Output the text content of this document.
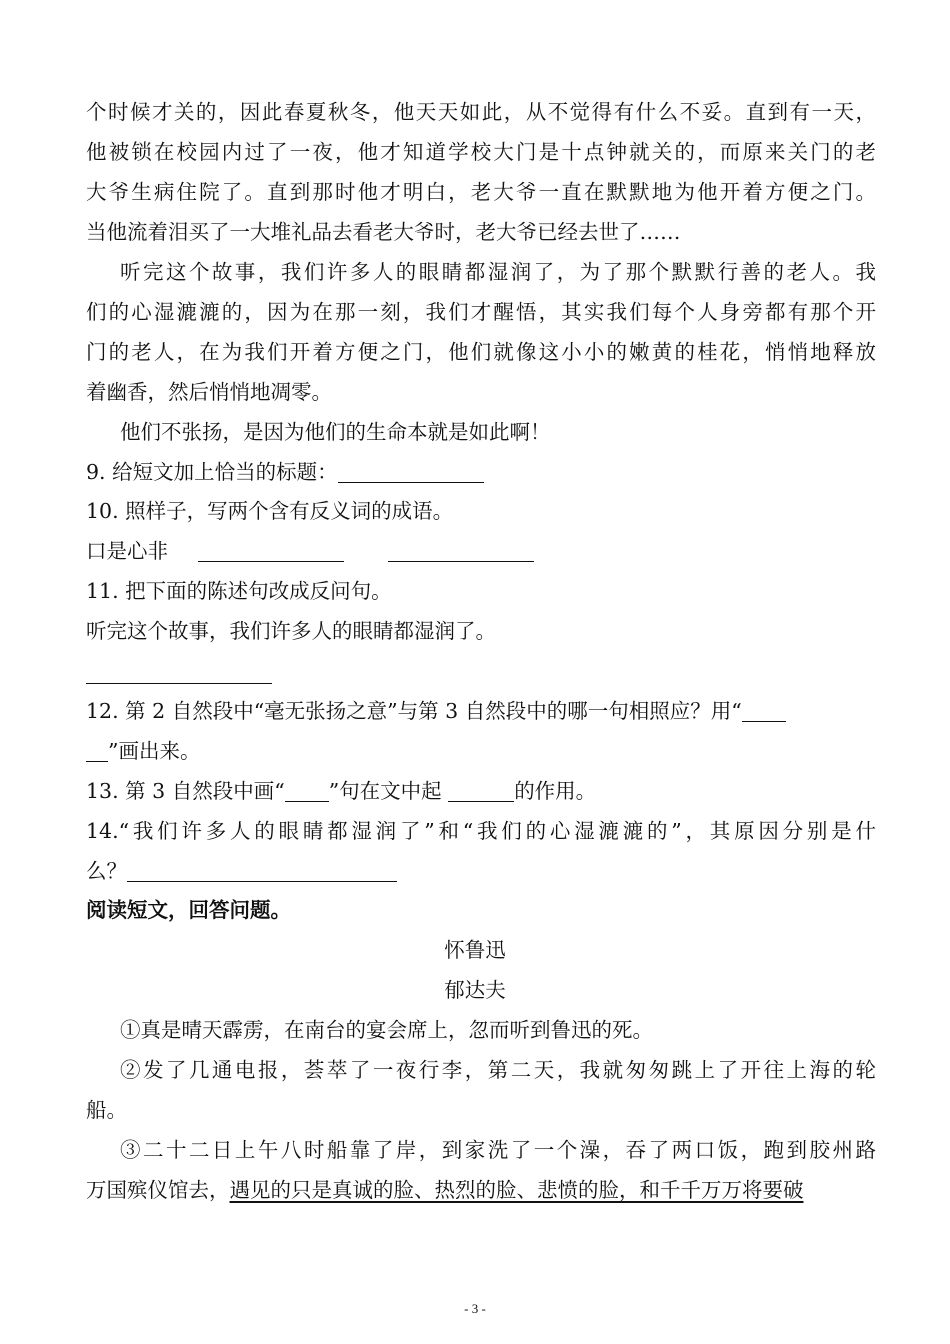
个时候才关的，因此春夏秋冬，他天天如此，从不觉得有什么不妥。直到有一天，
他被锁在校园内过了一夜，他才知道学校大门是十点钟就关的，而原来关门的老
大爷生病住院了。直到那时他才明白，老大爷一直在默默地为他开着方便之门。
当他流着泪买了一大堆礼品去看老大爷时，老大爷已经去世了……
听完这个故事，我们许多人的眼睛都湿润了，为了那个默默行善的老人。我
们的心湿漉漉的，因为在那一刻，我们才醒悟，其实我们每个人身旁都有那个开
门的老人，在为我们开着方便之门，他们就像这小小的嫩黄的桂花，悄悄地释放
着幽香，然后悄悄地凋零。
他们不张扬，是因为他们的生命本就是如此啊！
9. 给短文加上恰当的标题：
10. 照样子，写两个含有反义词的成语。
口是心非
11. 把下面的陈述句改成反问句。
听完这个故事，我们许多人的眼睛都湿润了。
12. 第 2 自然段中“毫无张扬之意”与第 3 自然段中的哪一句相照应？用“
”画出来。
13. 第 3 自然段中画“ ”句在文中起	的作用。
14.“我们许多人的眼睛都湿润了”和“我们的心湿漉漉的”，其原因分别是什
么？
阅读短文，回答问题。
怀鲁迅
郁达夫
①真是晴天霹雳，在南台的宴会席上，忽而听到鲁迅的死。
②发了几通电报，荟萃了一夜行李，第二天，我就匆匆跳上了开往上海的轮
船。
③二十二日上午八时船靠了岸，到家洗了一个澡，吞了两口饭，跑到胶州路
万国殡仪馆去，遇见的只是真诚的脸、热烈的脸、悲愤的脸，和千千万万将要破
- 3 -
